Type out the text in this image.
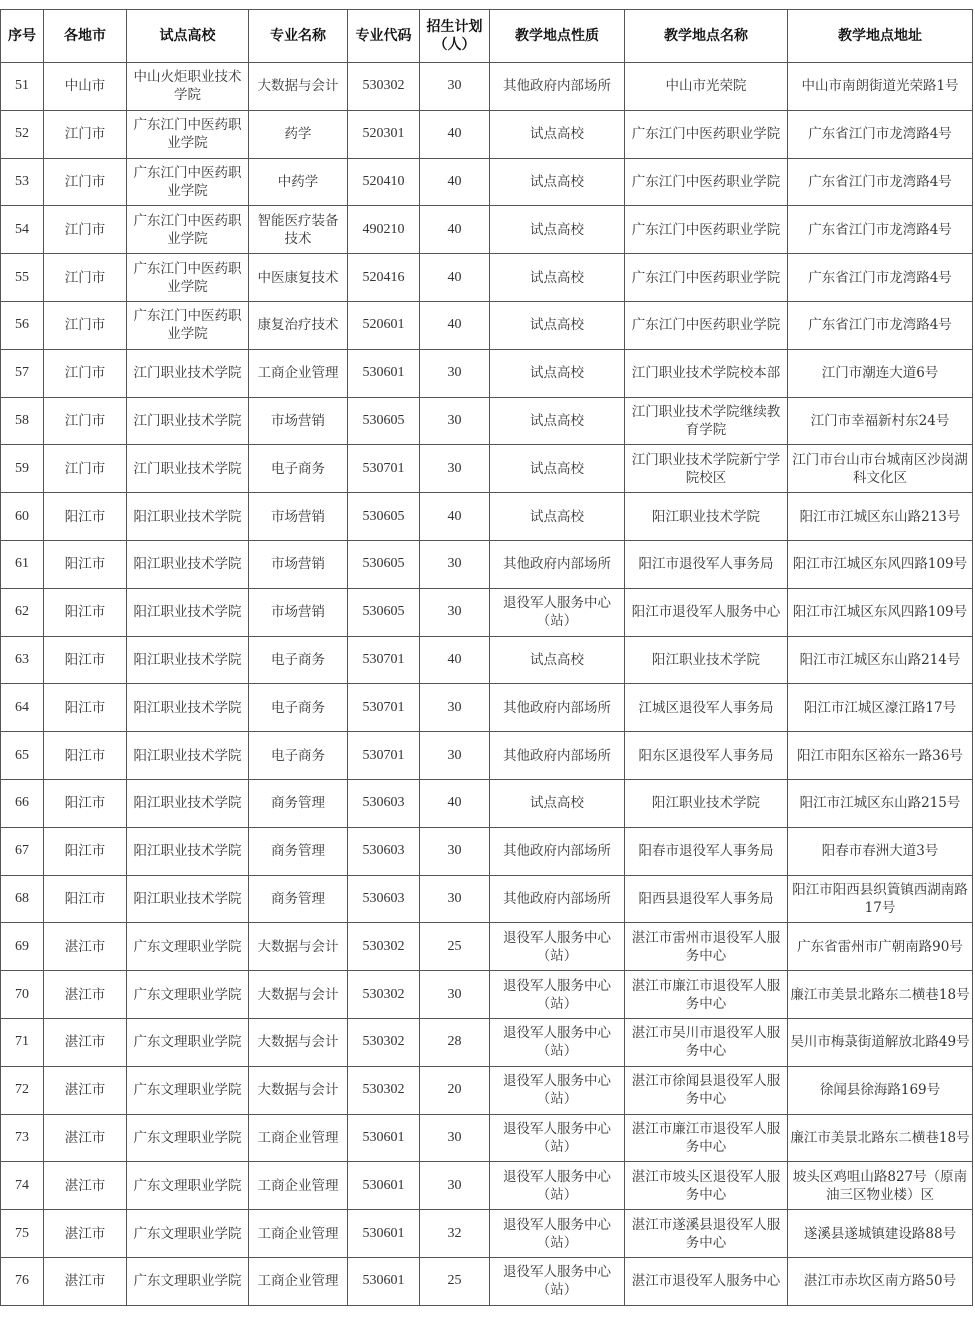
序号	各地市	试点高校	专业名称	专业代码	招生计划（人）	教学地点性质	教学地点名称	教学地点地址
51	中山市	中山火炬职业技术学院	大数据与会计	530302	30	其他政府内部场所	中山市光荣院	中山市南朗街道光荣路1号
52	江门市	广东江门中医药职业学院	药学	520301	40	试点高校	广东江门中医药职业学院	广东省江门市龙湾路4号
53	江门市	广东江门中医药职业学院	中药学	520410	40	试点高校	广东江门中医药职业学院	广东省江门市龙湾路4号
54	江门市	广东江门中医药职业学院	智能医疗装备技术	490210	40	试点高校	广东江门中医药职业学院	广东省江门市龙湾路4号
55	江门市	广东江门中医药职业学院	中医康复技术	520416	40	试点高校	广东江门中医药职业学院	广东省江门市龙湾路4号
56	江门市	广东江门中医药职业学院	康复治疗技术	520601	40	试点高校	广东江门中医药职业学院	广东省江门市龙湾路4号
57	江门市	江门职业技术学院	工商企业管理	530601	30	试点高校	江门职业技术学院校本部	江门市潮连大道6号
58	江门市	江门职业技术学院	市场营销	530605	30	试点高校	江门职业技术学院继续教育学院	江门市幸福新村东24号
59	江门市	江门职业技术学院	电子商务	530701	30	试点高校	江门职业技术学院新宁学院校区	江门市台山市台城南区沙岗湖科文化区
60	阳江市	阳江职业技术学院	市场营销	530605	40	试点高校	阳江职业技术学院	阳江市江城区东山路213号
61	阳江市	阳江职业技术学院	市场营销	530605	30	其他政府内部场所	阳江市退役军人事务局	阳江市江城区东风四路109号
62	阳江市	阳江职业技术学院	市场营销	530605	30	退役军人服务中心（站）	阳江市退役军人服务中心	阳江市江城区东风四路109号
63	阳江市	阳江职业技术学院	电子商务	530701	40	试点高校	阳江职业技术学院	阳江市江城区东山路214号
64	阳江市	阳江职业技术学院	电子商务	530701	30	其他政府内部场所	江城区退役军人事务局	阳江市江城区濠江路17号
65	阳江市	阳江职业技术学院	电子商务	530701	30	其他政府内部场所	阳东区退役军人事务局	阳江市阳东区裕东一路36号
66	阳江市	阳江职业技术学院	商务管理	530603	40	试点高校	阳江职业技术学院	阳江市江城区东山路215号
67	阳江市	阳江职业技术学院	商务管理	530603	30	其他政府内部场所	阳春市退役军人事务局	阳春市春洲大道3号
68	阳江市	阳江职业技术学院	商务管理	530603	30	其他政府内部场所	阳西县退役军人事务局	阳江市阳西县织篢镇西湖南路17号
69	湛江市	广东文理职业学院	大数据与会计	530302	25	退役军人服务中心（站）	湛江市雷州市退役军人服务中心	广东省雷州市广朝南路90号
70	湛江市	广东文理职业学院	大数据与会计	530302	30	退役军人服务中心（站）	湛江市廉江市退役军人服务中心	廉江市美景北路东二横巷18号
71	湛江市	广东文理职业学院	大数据与会计	530302	28	退役军人服务中心（站）	湛江市吴川市退役军人服务中心	吴川市梅菉街道解放北路49号
72	湛江市	广东文理职业学院	大数据与会计	530302	20	退役军人服务中心（站）	湛江市徐闻县退役军人服务中心	徐闻县徐海路169号
73	湛江市	广东文理职业学院	工商企业管理	530601	30	退役军人服务中心（站）	湛江市廉江市退役军人服务中心	廉江市美景北路东二横巷18号
74	湛江市	广东文理职业学院	工商企业管理	530601	30	退役军人服务中心（站）	湛江市坡头区退役军人服务中心	坡头区鸡咀山路827号（原南油三区物业楼）区
75	湛江市	广东文理职业学院	工商企业管理	530601	32	退役军人服务中心（站）	湛江市遂溪县退役军人服务中心	遂溪县遂城镇建设路88号
76	湛江市	广东文理职业学院	工商企业管理	530601	25	退役军人服务中心（站）	湛江市退役军人服务中心	湛江市赤坎区南方路50号
